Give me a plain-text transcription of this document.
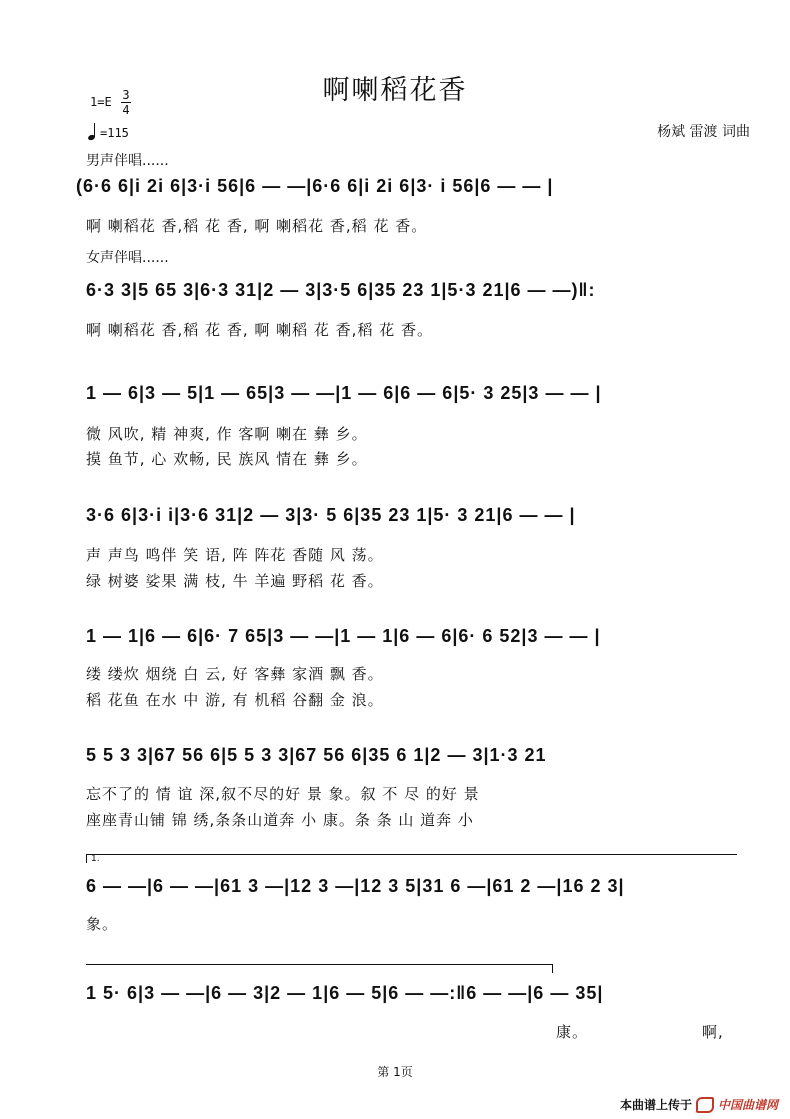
啊喇稻花香
1=E 3
4
=115	杨斌 雷渡 词曲
男声伴唱......
(6·6 6|i 2i 6|3·i 56|6 — —|6·6 6|i 2i 6|3· i 56|6 — — |
啊 喇稻花 香,稻 花 香, 啊 喇稻花 香,稻 花 香。
女声伴唱......
6·3 3|5 65 3|6·3 31|2 — 3|3·5 6|35 23 1|5·3 21|6 — —)‖:
啊 喇稻花 香,稻 花 香, 啊 喇稻 花 香,稻 花 香。
1 — 6|3 — 5|1 — 65|3 — —|1 — 6|6 — 6|5· 3 25|3 — — |
微 风吹, 精 神爽, 作 客啊 喇在 彝 乡。
摸 鱼节, 心 欢畅, 民 族风 情在 彝 乡。
3·6 6|3·i i|3·6 31|2 — 3|3· 5 6|35 23 1|5· 3 21|6 — — |
声 声鸟 鸣伴 笑 语, 阵 阵花 香随 风 荡。
绿 树婆 娑果 满 枝, 牛 羊遍 野稻 花 香。
1 — 1|6 — 6|6· 7 65|3 — —|1 — 1|6 — 6|6· 6 52|3 — — |
缕 缕炊 烟绕 白 云, 好 客彝 家酒 飘 香。
稻 花鱼 在水 中 游, 有 机稻 谷翻 金 浪。
5 5 3 3|67 56 6|5 5 3 3|67 56 6|35 6 1|2 — 3|1·3 21
忘不了的 情 谊 深,叙不尽的好 景 象。叙 不 尽 的好 景
座座青山铺 锦 绣,条条山道奔 小 康。条 条 山 道奔 小
1.
6 — —|6 — —|61 3 —|12 3 —|12 3 5|31 6 —|61 2 —|16 2 3|
象。
1 5· 6|3 — —|6 — 3|2 — 1|6 — 5|6 — —:‖6 — —|6 — 35|
康。	啊,
第 1页
本曲谱上传于 中国曲谱网
